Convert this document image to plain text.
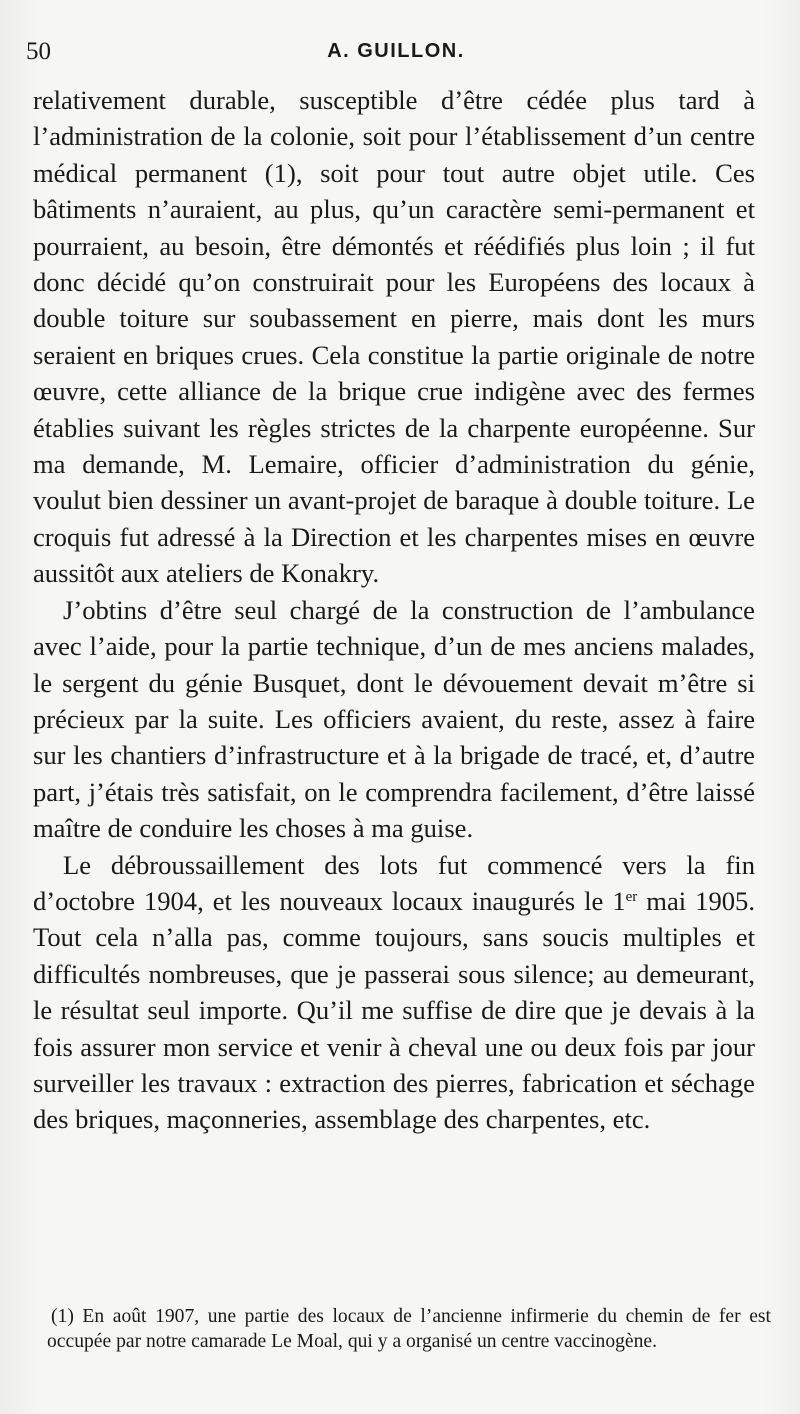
50	A. GUILLON.

relativement durable, susceptible d’être cédée plus tard à l’administration de la colonie, soit pour l’établissement d’un centre médical permanent (1), soit pour tout autre objet utile. Ces bâtiments n’auraient, au plus, qu’un caractère semi-permanent et pourraient, au besoin, être démontés et réédifiés plus loin ; il fut donc décidé qu’on construirait pour les Européens des locaux à double toiture sur soubassement en pierre, mais dont les murs seraient en briques crues. Cela constitue la partie originale de notre œuvre, cette alliance de la brique crue indigène avec des fermes établies suivant les règles strictes de la charpente européenne. Sur ma demande, M. Lemaire, officier d’administration du génie, voulut bien dessiner un avant-projet de baraque à double toiture. Le croquis fut adressé à la Direction et les charpentes mises en œuvre aussitôt aux ateliers de Konakry.

J’obtins d’être seul chargé de la construction de l’ambulance avec l’aide, pour la partie technique, d’un de mes anciens malades, le sergent du génie Busquet, dont le dévouement devait m’être si précieux par la suite. Les officiers avaient, du reste, assez à faire sur les chantiers d’infrastructure et à la brigade de tracé, et, d’autre part, j’étais très satisfait, on le comprendra facilement, d’être laissé maître de conduire les choses à ma guise.

Le débroussaillement des lots fut commencé vers la fin d’octobre 1904, et les nouveaux locaux inaugurés le 1er mai 1905. Tout cela n’alla pas, comme toujours, sans soucis multiples et difficultés nombreuses, que je passerai sous silence; au demeurant, le résultat seul importe. Qu’il me suffise de dire que je devais à la fois assurer mon service et venir à cheval une ou deux fois par jour surveiller les travaux : extraction des pierres, fabrication et séchage des briques, maçonneries, assemblage des charpentes, etc.

(1) En août 1907, une partie des locaux de l’ancienne infirmerie du chemin de fer est occupée par notre camarade Le Moal, qui y a organisé un centre vaccinogène.
